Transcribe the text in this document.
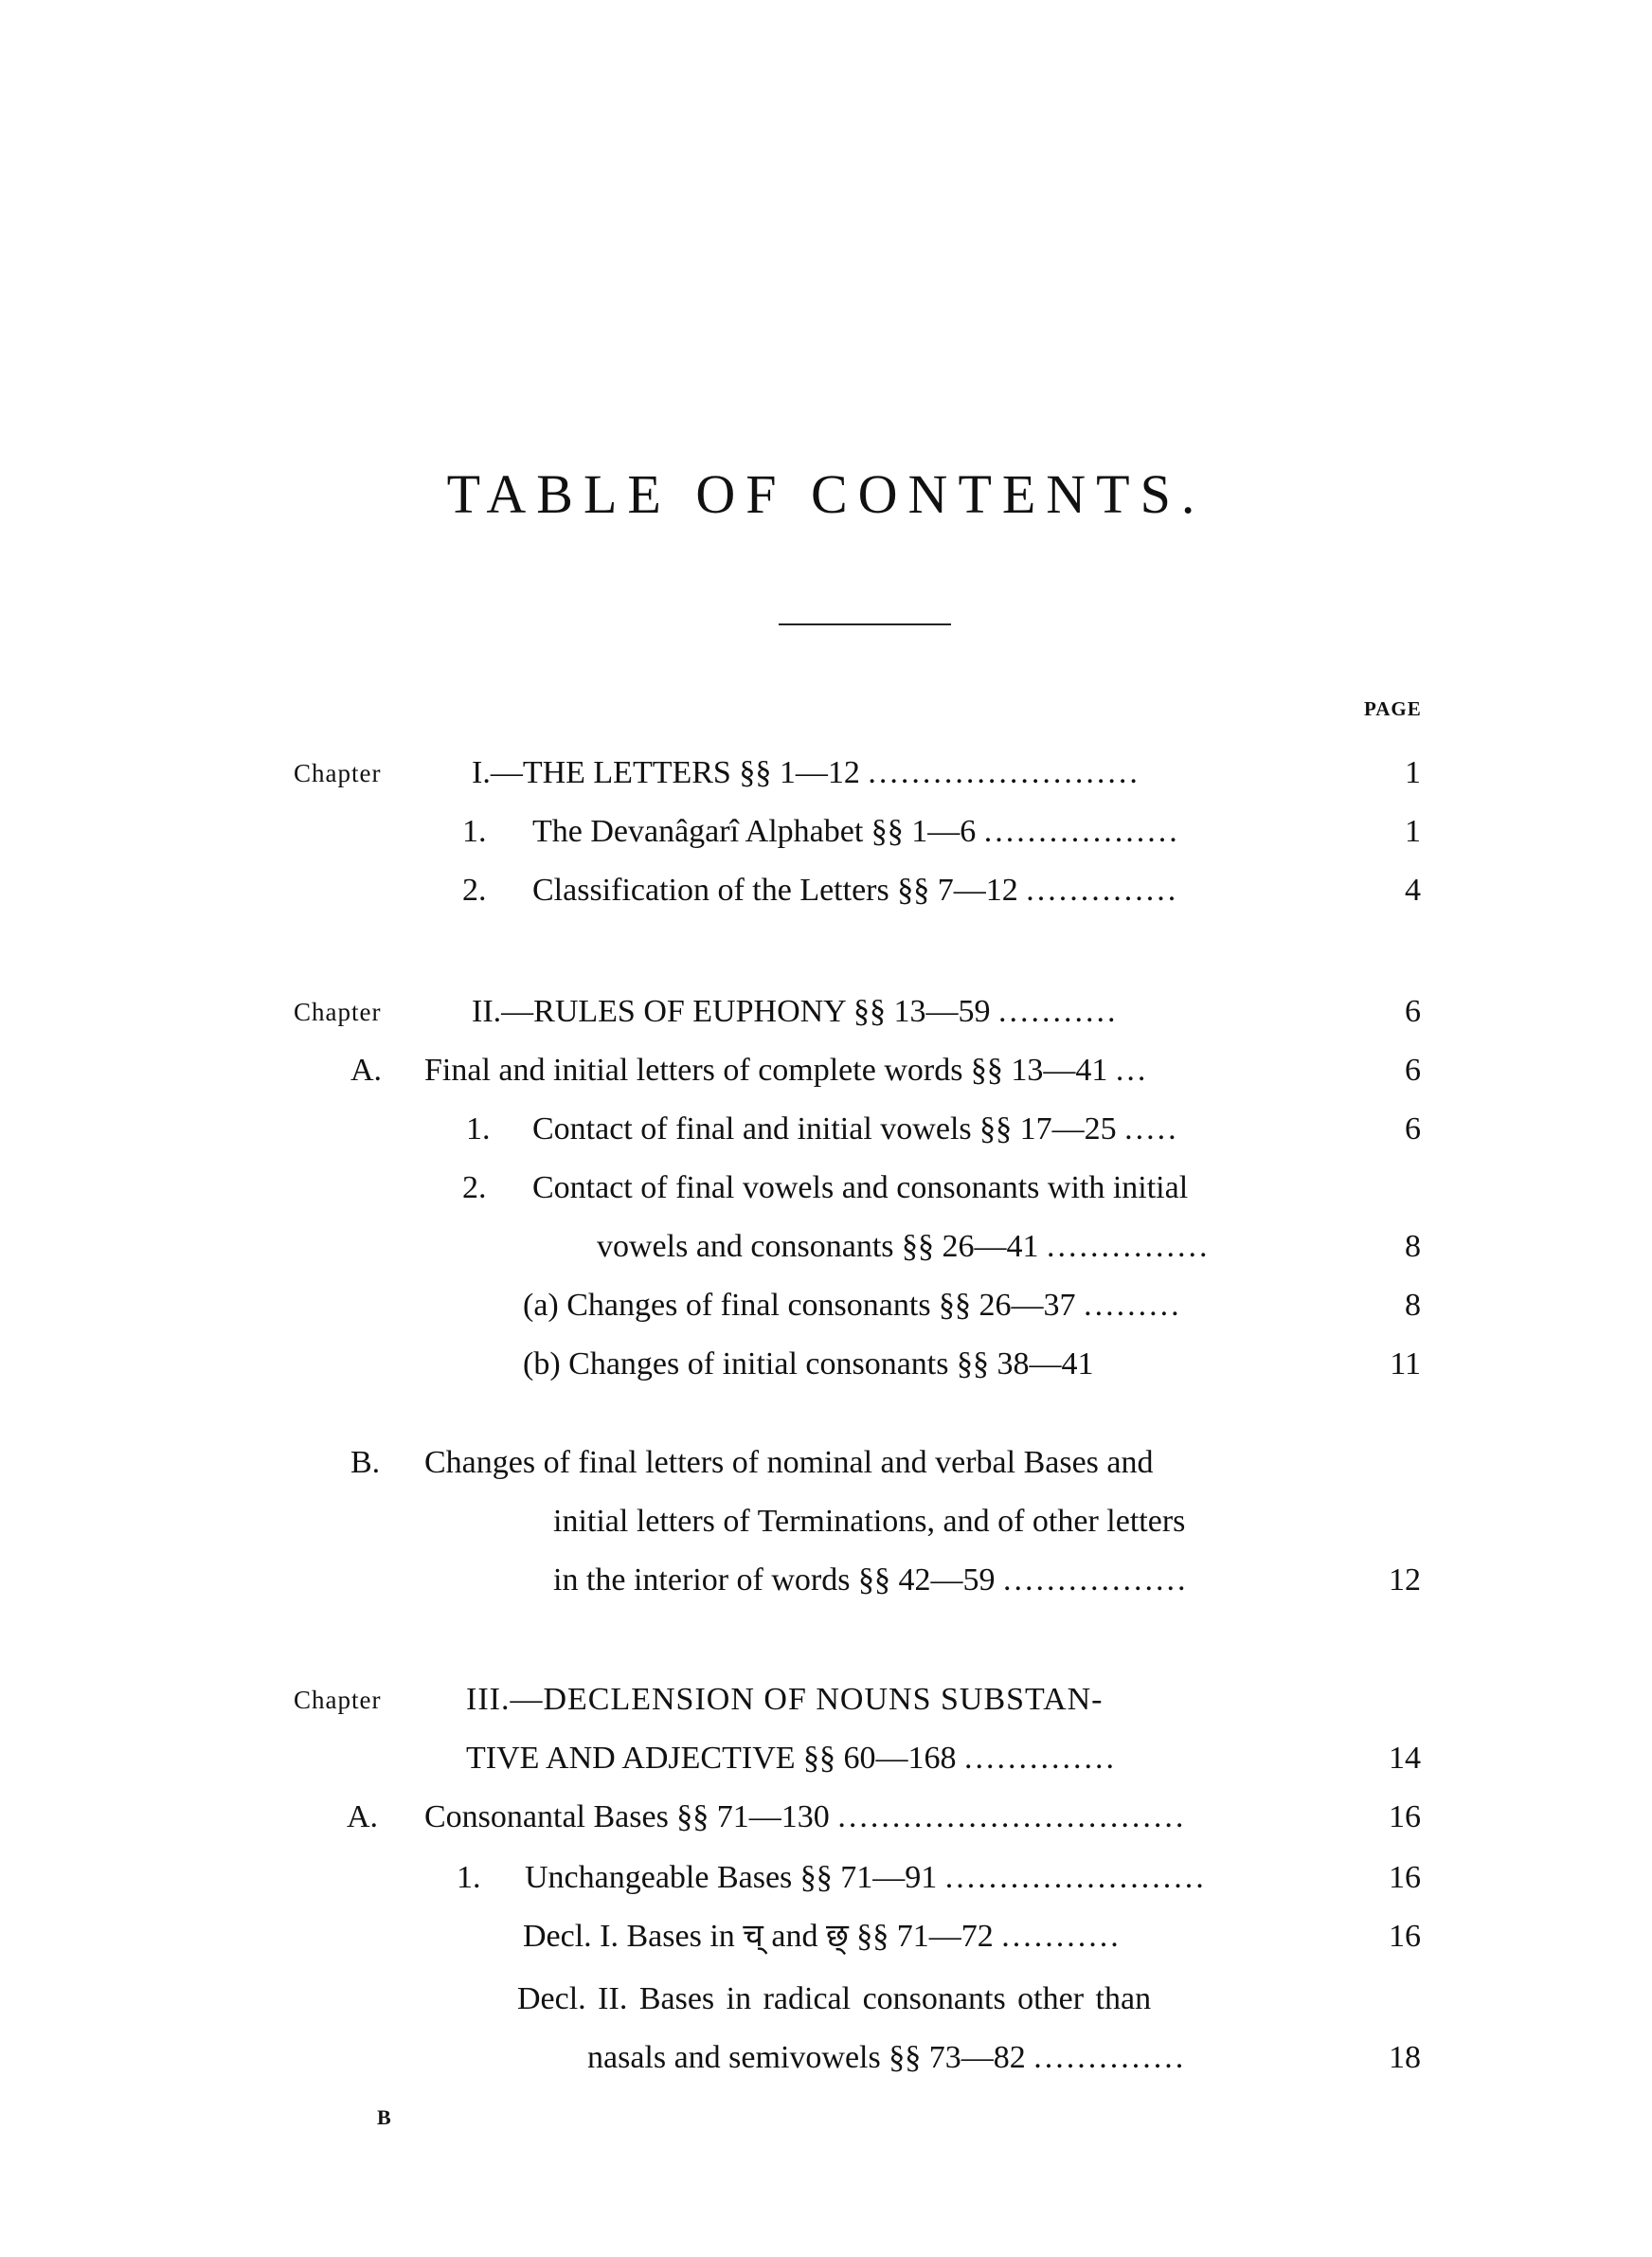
TABLE OF CONTENTS.
PAGE
Chapter	I.—THE LETTERS §§ 1—12 .........................	1
1. The Devanâgarî Alphabet §§ 1—6 ..................	1
2. Classification of the Letters §§ 7—12 ..............	4
Chapter	II.—RULES OF EUPHONY §§ 13—59 ...........	6
A. Final and initial letters of complete words §§ 13—41 ...	6
1. Contact of final and initial vowels §§ 17—25 .....	6
2. Contact of final vowels and consonants with initial
vowels and consonants §§ 26—41 ...............	8
(a) Changes of final consonants §§ 26—37 .........	8
(b) Changes of initial consonants §§ 38—41	11
B. Changes of final letters of nominal and verbal Bases and
initial letters of Terminations, and of other letters
in the interior of words §§ 42—59 .................	12
Chapter	III.—DECLENSION OF NOUNS SUBSTAN-
TIVE AND ADJECTIVE §§ 60—168 ..............	14
A. Consonantal Bases §§ 71—130 ................................	16
1. Unchangeable Bases §§ 71—91 ........................	16
Decl. I. Bases in च् and छ् §§ 71—72 ...........	16
Decl. II. Bases in radical consonants other than
nasals and semivowels §§ 73—82 ..............	18
B
